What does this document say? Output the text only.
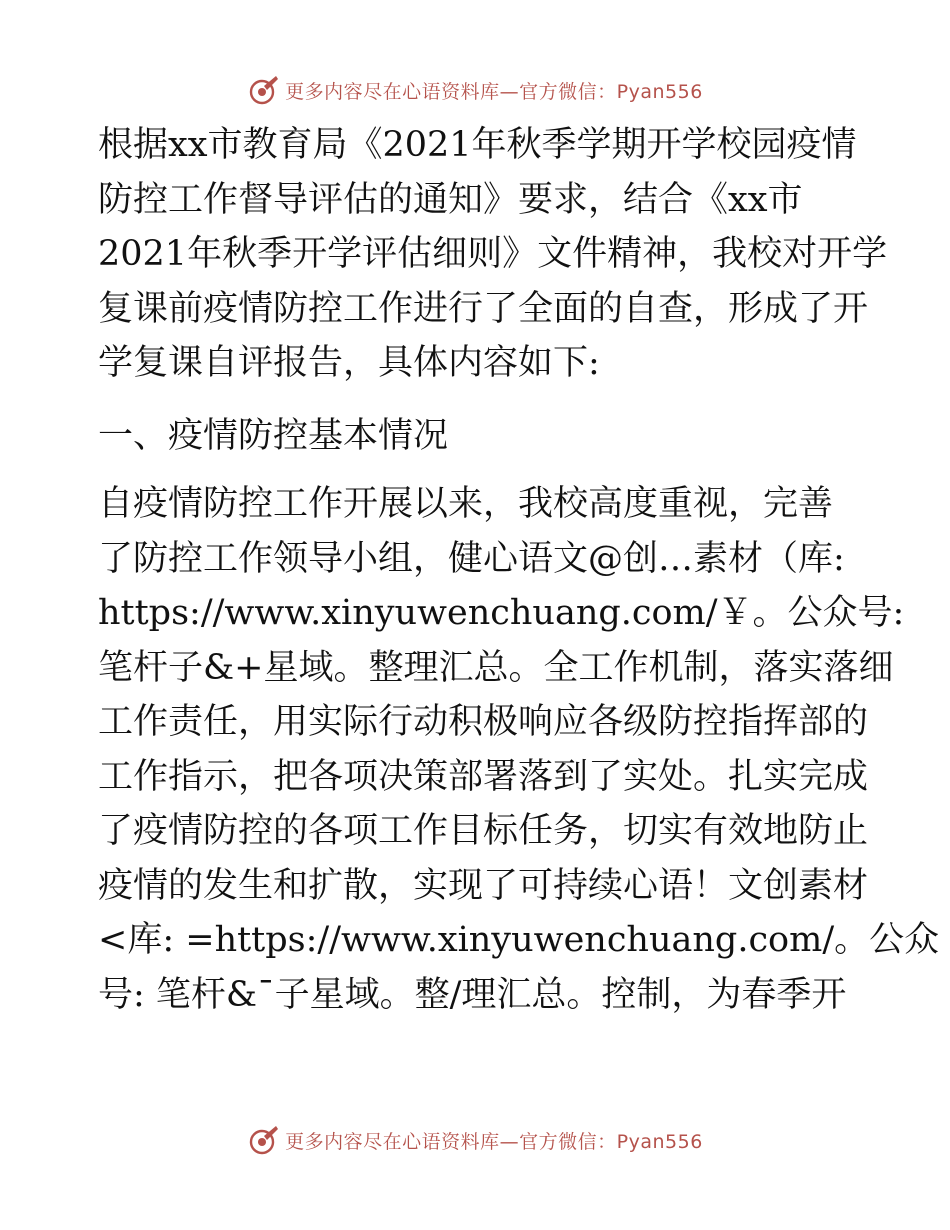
更多内容尽在心语资料库—官方微信：Pyan556

根据xx市教育局《2021年秋季学期开学校园疫情
防控工作督导评估的通知》要求，结合《xx市
2021年秋季开学评估细则》文件精神，我校对开学
复课前疫情防控工作进行了全面的自查，形成了开
学复课自评报告，具体内容如下:

一、疫情防控基本情况

自疫情防控工作开展以来，我校高度重视，完善
了防控工作领导小组，健心语文@创…素材（库:
https://www.xinyuwenchuang.com/￥。公众号:
笔杆子&+星域。整理汇总。全工作机制，落实落细
工作责任，用实际行动积极响应各级防控指挥部的
工作指示，把各项决策部署落到了实处。扎实完成
了疫情防控的各项工作目标任务，切实有效地防止
疫情的发生和扩散，实现了可持续心语！文创素材
<库: =https://www.xinyuwenchuang.com/。公众
号: 笔杆&¯子星域。整/理汇总。控制，为春季开

更多内容尽在心语资料库—官方微信：Pyan556
